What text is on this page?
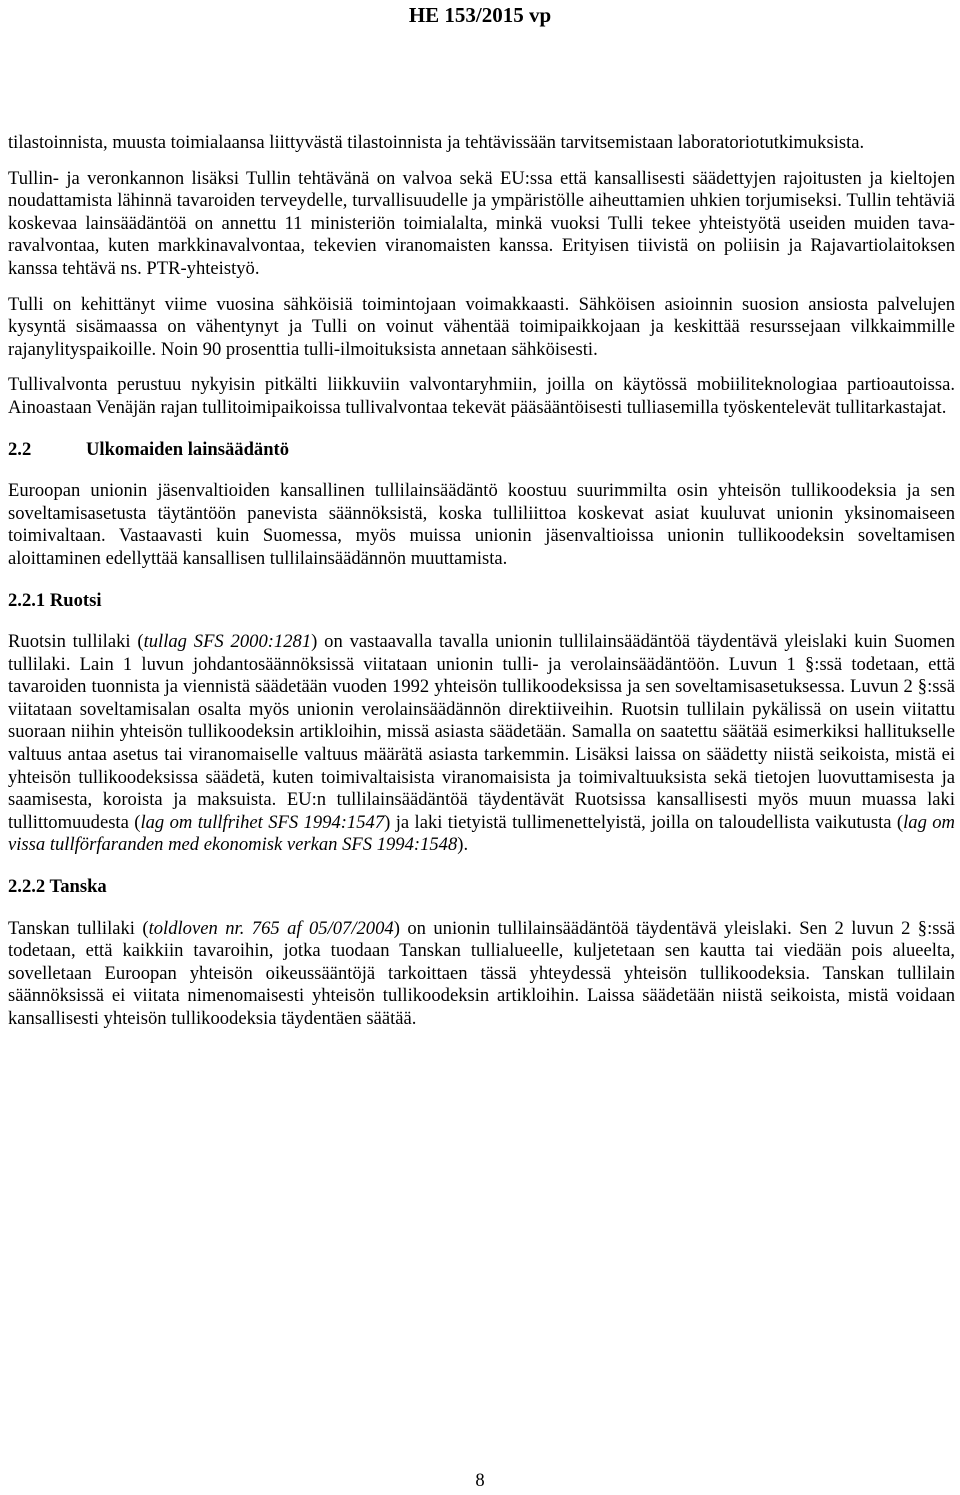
HE 153/2015 vp

tilastoinnista, muusta toimialaansa liittyvästä tilastoinnista ja tehtävissään tarvitsemistaan laboratoriotutkimuksista.

Tullin- ja veronkannon lisäksi Tullin tehtävänä on valvoa sekä EU:ssa että kansallisesti säädettyjen rajoitusten ja kieltojen noudattamista lähinnä tavaroiden terveydelle, turvallisuudelle ja ympäristölle aiheuttamien uhkien torjumiseksi. Tullin tehtäviä koskevaa lainsäädäntöä on annettu 11 ministeriön toimialalta, minkä vuoksi Tulli tekee yhteistyötä useiden muiden tavaravalvontaa, kuten markkinavalvontaa, tekevien viranomaisten kanssa. Erityisen tiivistä on poliisin ja Rajavartiolaitoksen kanssa tehtävä ns. PTR-yhteistyö.

Tulli on kehittänyt viime vuosina sähköisiä toimintojaan voimakkaasti. Sähköisen asioinnin suosion ansiosta palvelujen kysyntä sisämaassa on vähentynyt ja Tulli on voinut vähentää toimipaikkojaan ja keskittää resurssejaan vilkkaimmille rajanylityspaikoille. Noin 90 prosenttia tulli-ilmoituksista annetaan sähköisesti.

Tullivalvonta perustuu nykyisin pitkälti liikkuviin valvontaryhmiin, joilla on käytössä mobiiliteknologiaa partioautoissa. Ainoastaan Venäjän rajan tullitoimipaikoissa tullivalvontaa tekevät pääsääntöisesti tulliasemilla työskentelevät tullitarkastajat.

2.2	Ulkomaiden lainsäädäntö

Euroopan unionin jäsenvaltioiden kansallinen tullilainsäädäntö koostuu suurimmilta osin yhteisön tullikoodeksia ja sen soveltamisasetusta täytäntöön panevista säännöksistä, koska tulliliittoa koskevat asiat kuuluvat unionin yksinomaiseen toimivaltaan. Vastaavasti kuin Suomessa, myös muissa unionin jäsenvaltioissa unionin tullikoodeksin soveltamisen aloittaminen edellyttää kansallisen tullilainsäädännön muuttamista.

2.2.1 Ruotsi

Ruotsin tullilaki (tullag SFS 2000:1281) on vastaavalla tavalla unionin tullilainsäädäntöä täydentävä yleislaki kuin Suomen tullilaki. Lain 1 luvun johdantosäännöksissä viitataan unionin tulli- ja verolainsäädäntöön. Luvun 1 §:ssä todetaan, että tavaroiden tuonnista ja viennistä säädetään vuoden 1992 yhteisön tullikoodeksissa ja sen soveltamisasetuksessa. Luvun 2 §:ssä viitataan soveltamisalan osalta myös unionin verolainsäädännön direktiiveihin. Ruotsin tullilain pykälissä on usein viitattu suoraan niihin yhteisön tullikoodeksin artikloihin, missä asiasta säädetään. Samalla on saatettu säätää esimerkiksi hallitukselle valtuus antaa asetus tai viranomaiselle valtuus määrätä asiasta tarkemmin. Lisäksi laissa on säädetty niistä seikoista, mistä ei yhteisön tullikoodeksissa säädetä, kuten toimivaltaisista viranomaisista ja toimivaltuuksista sekä tietojen luovuttamisesta ja saamisesta, koroista ja maksuista. EU:n tullilainsäädäntöä täydentävät Ruotsissa kansallisesti myös muun muassa laki tullittomuudesta (lag om tullfrihet SFS 1994:1547) ja laki tietyistä tullimenettelyistä, joilla on taloudellista vaikutusta (lag om vissa tullförfaranden med ekonomisk verkan SFS 1994:1548).

2.2.2 Tanska

Tanskan tullilaki (toldloven nr. 765 af 05/07/2004) on unionin tullilainsäädäntöä täydentävä yleislaki. Sen 2 luvun 2 §:ssä todetaan, että kaikkiin tavaroihin, jotka tuodaan Tanskan tullialueelle, kuljetetaan sen kautta tai viedään pois alueelta, sovelletaan Euroopan yhteisön oikeussääntöjä tarkoittaen tässä yhteydessä yhteisön tullikoodeksia. Tanskan tullilain säännöksissä ei viitata nimenomaisesti yhteisön tullikoodeksin artikloihin. Laissa säädetään niistä seikoista, mistä voidaan kansallisesti yhteisön tullikoodeksia täydentäen säätää.

8
